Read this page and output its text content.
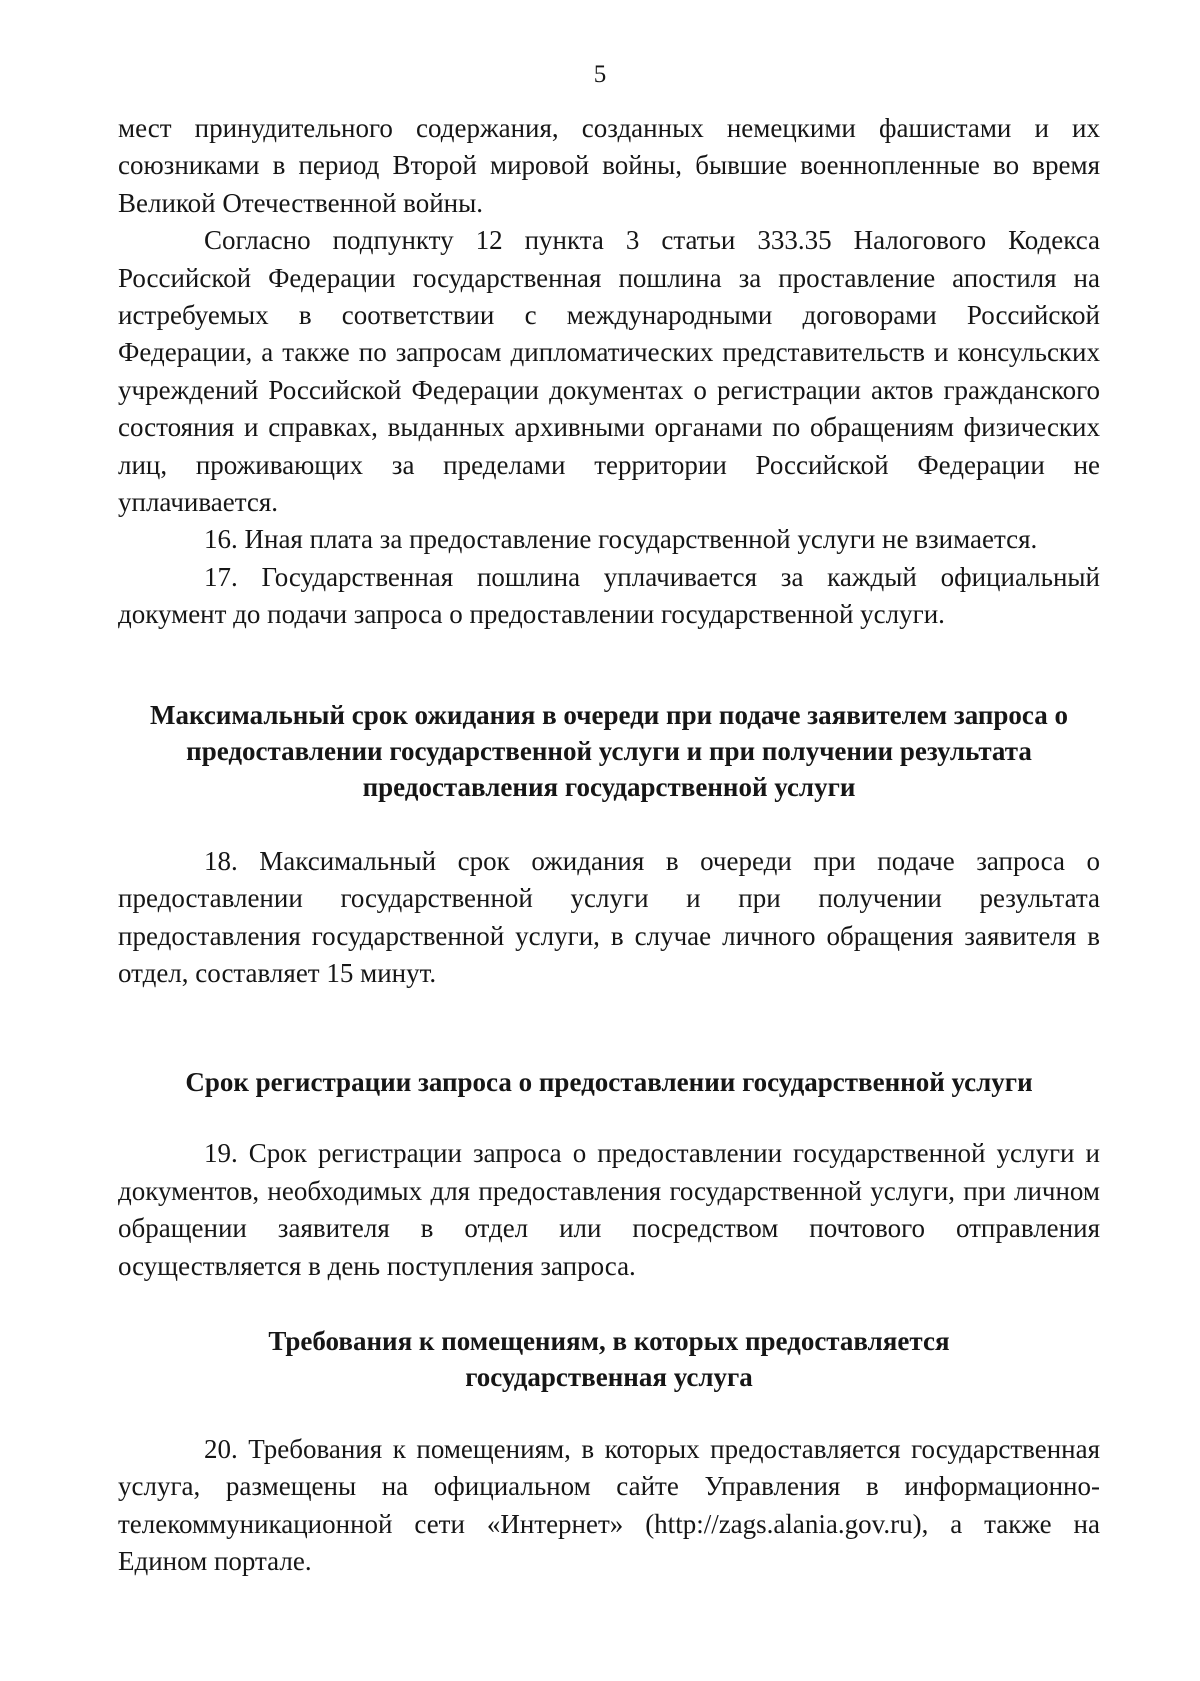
5

мест принудительного содержания, созданных немецкими фашистами и их союзниками в период Второй мировой войны, бывшие военнопленные во время Великой Отечественной войны.

Согласно подпункту 12 пункта 3 статьи 333.35 Налогового Кодекса Российской Федерации государственная пошлина за проставление апостиля на истребуемых в соответствии с международными договорами Российской Федерации, а также по запросам дипломатических представительств и консульских учреждений Российской Федерации документах о регистрации актов гражданского состояния и справках, выданных архивными органами по обращениям физических лиц, проживающих за пределами территории Российской Федерации не уплачивается.

16. Иная плата за предоставление государственной услуги не взимается.

17. Государственная пошлина уплачивается за каждый официальный документ до подачи запроса о предоставлении государственной услуги.

Максимальный срок ожидания в очереди при подаче заявителем запроса о
предоставлении государственной услуги и при получении результата
предоставления государственной услуги

18. Максимальный срок ожидания в очереди при подаче запроса о предоставлении государственной услуги и при получении результата предоставления государственной услуги, в случае личного обращения заявителя в отдел, составляет 15 минут.

Срок регистрации запроса о предоставлении государственной услуги

19. Срок регистрации запроса о предоставлении государственной услуги и документов, необходимых для предоставления государственной услуги, при личном обращении заявителя в отдел или посредством почтового отправления осуществляется в день поступления запроса.

Требования к помещениям, в которых предоставляется
государственная услуга

20. Требования к помещениям, в которых предоставляется государственная услуга, размещены на официальном сайте Управления в информационно-телекоммуникационной сети «Интернет» (http://zags.alania.gov.ru), а также на Едином портале.
